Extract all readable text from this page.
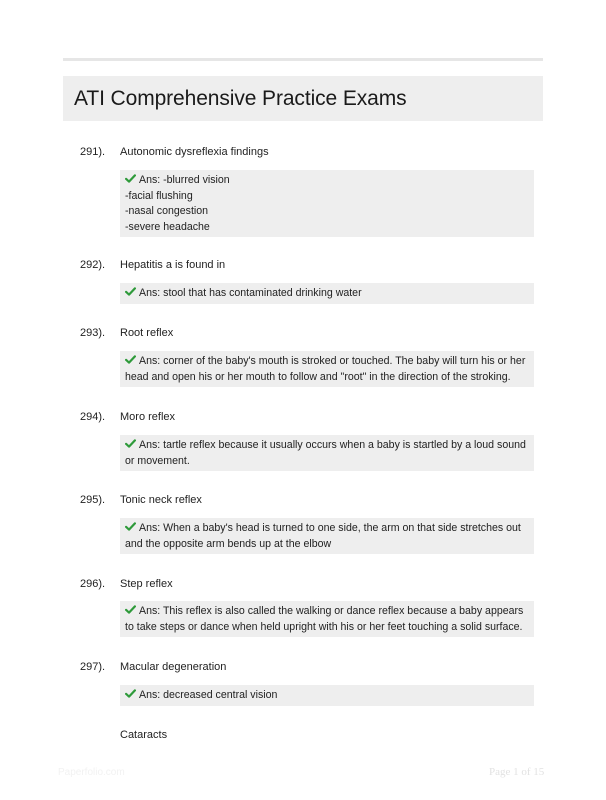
ATI Comprehensive Practice Exams
291). Autonomic dysreflexia findings
Ans: -blurred vision
-facial flushing
-nasal congestion
-severe headache
292). Hepatitis a is found in
Ans: stool that has contaminated drinking water
293). Root reflex
Ans: corner of the baby's mouth is stroked or touched. The baby will turn his or her
head and open his or her mouth to follow and "root" in the direction of the stroking.
294). Moro reflex
Ans: tartle reflex because it usually occurs when a baby is startled by a loud sound
or movement.
295). Tonic neck reflex
Ans: When a baby's head is turned to one side, the arm on that side stretches out
and the opposite arm bends up at the elbow
296). Step reflex
Ans: This reflex is also called the walking or dance reflex because a baby appears
to take steps or dance when held upright with his or her feet touching a solid surface.
297). Macular degeneration
Ans: decreased central vision
Cataracts
Paperfolio.com	Page 1 of 15
